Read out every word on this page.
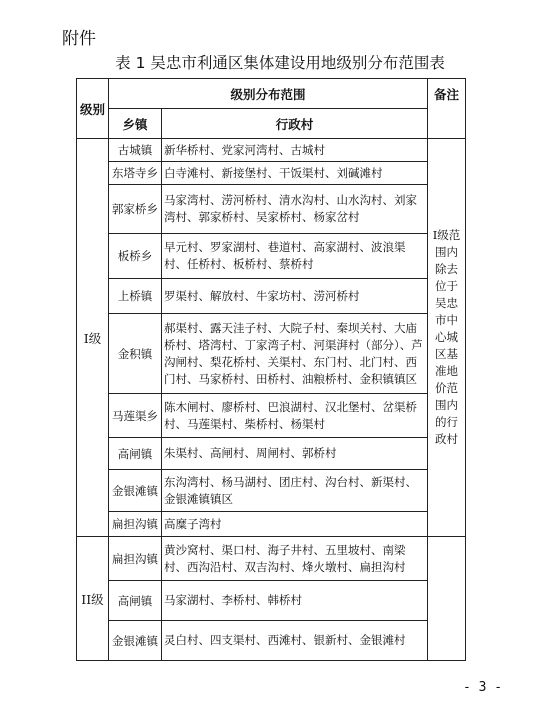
附件
表 1 吴忠市利通区集体建设用地级别分布范围表
级别	级别分布范围		备注
	乡镇	行政村	
I级	古城镇	新华桥村、党家河湾村、古城村	I级范围内除去位于吴忠市中心城区基准地价范围内的行政村
	东塔寺乡	白寺滩村、新接堡村、干饭渠村、刘碱滩村	
	郭家桥乡	马家湾村、涝河桥村、清水沟村、山水沟村、刘家湾村、郭家桥村、吴家桥村、杨家岔村	
	板桥乡	早元村、罗家湖村、巷道村、高家湖村、波浪渠村、任桥村、板桥村、蔡桥村	
	上桥镇	罗渠村、解放村、牛家坊村、涝河桥村	
	金积镇	郝渠村、露天洼子村、大院子村、秦坝关村、大庙桥村、塔湾村、丁家湾子村、河渠湃村（部分）、芦沟闸村、梨花桥村、关渠村、东门村、北门村、西门村、马家桥村、田桥村、油粮桥村、金积镇镇区	
	马莲渠乡	陈木闸村、廖桥村、巴浪湖村、汉北堡村、岔渠桥村、马莲渠村、柴桥村、杨渠村	
	高闸镇	朱渠村、高闸村、周闸村、郭桥村	
	金银滩镇	东沟湾村、杨马湖村、团庄村、沟台村、新渠村、金银滩镇镇区	
	扁担沟镇	高糜子湾村	
II级	扁担沟镇	黄沙窝村、渠口村、海子井村、五里坡村、南梁村、西沟沿村、双吉沟村、烽火墩村、扁担沟村	
	高闸镇	马家湖村、李桥村、韩桥村	
	金银滩镇	灵白村、四支渠村、西滩村、银新村、金银滩村	
- 3 -
